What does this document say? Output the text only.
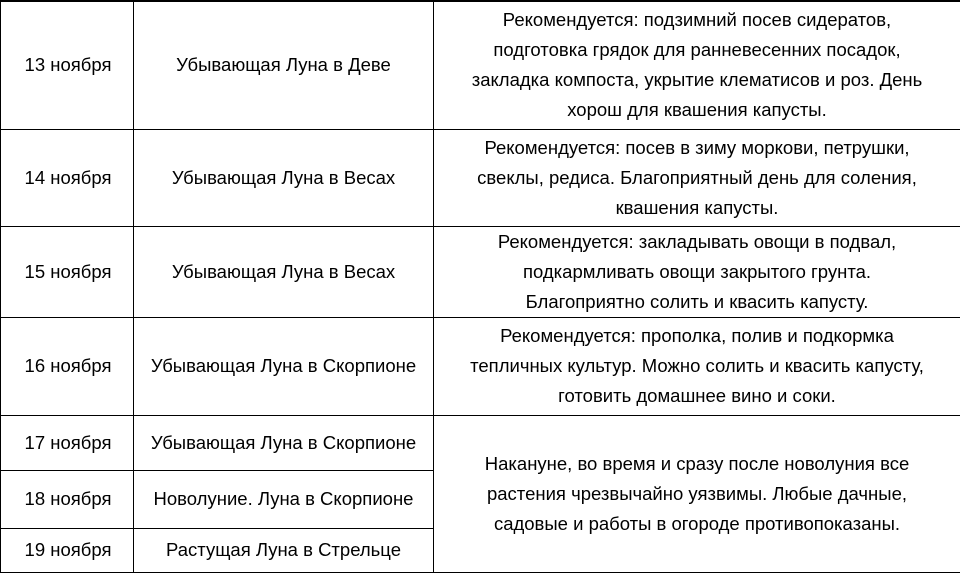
13 ноября	Убывающая Луна в Деве	Рекомендуется: подзимний посев сидератов,
подготовка грядок для ранневесенних посадок,
закладка компоста, укрытие клематисов и роз. День
хорош для квашения капусты.

14 ноября	Убывающая Луна в Весах	Рекомендуется: посев в зиму моркови, петрушки,
свеклы, редиса. Благоприятный день для соления,
квашения капусты.

15 ноября	Убывающая Луна в Весах	Рекомендуется: закладывать овощи в подвал,
подкармливать овощи закрытого грунта.
Благоприятно солить и квасить капусту.

16 ноября	Убывающая Луна в Скорпионе	Рекомендуется: прополка, полив и подкормка
тепличных культур. Можно солить и квасить капусту,
готовить домашнее вино и соки.

17 ноября	Убывающая Луна в Скорпионе	Накануне, во время и сразу после новолуния все
растения чрезвычайно уязвимы. Любые дачные,
садовые и работы в огороде противопоказаны.

18 ноября	Новолуние. Луна в Скорпионе	
19 ноября	Растущая Луна в Стрельце	
